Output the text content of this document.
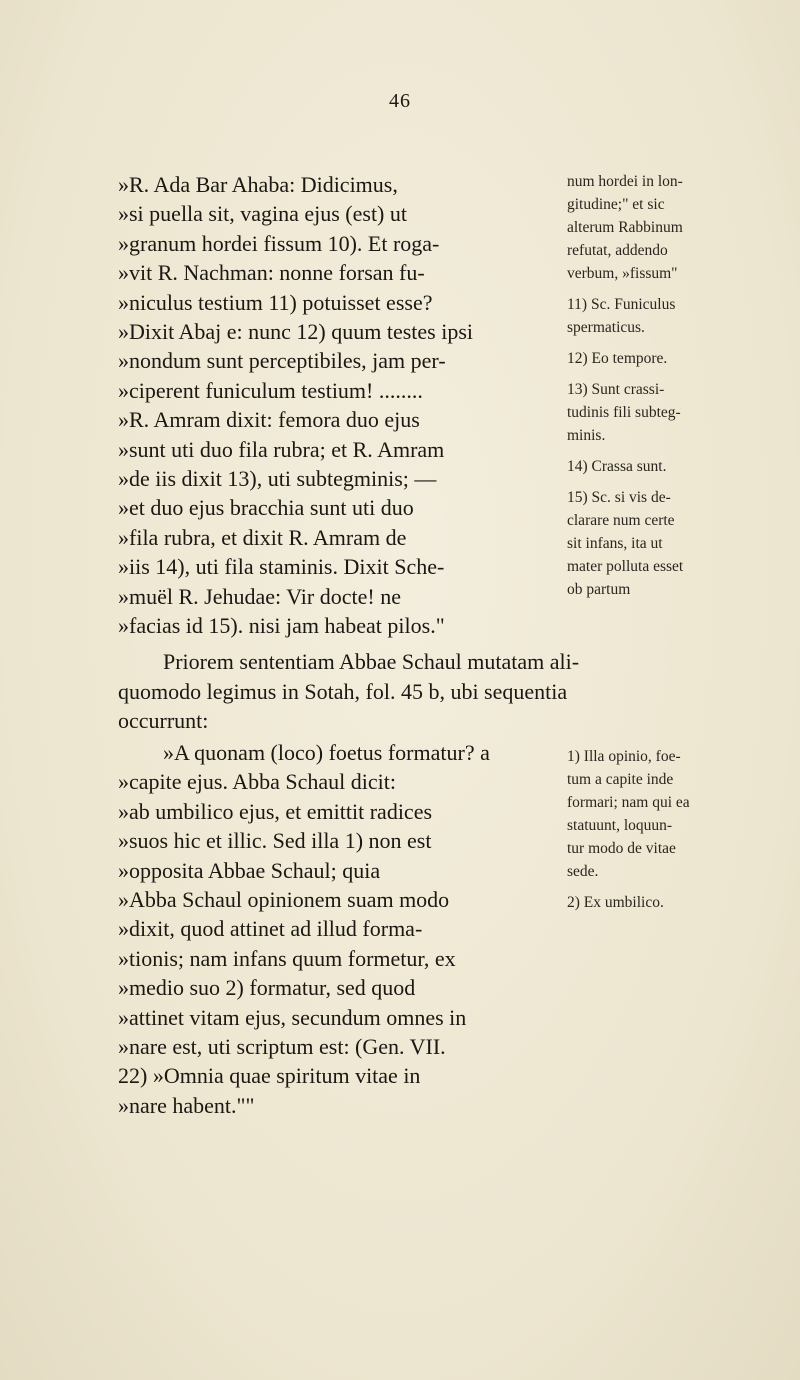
46
»R. Ada Bar Ahaba: Didicimus,
»si puella sit, vagina ejus (est) ut
»granum hordei fissum 10). Et roga-
»vit R. Nachman: nonne forsan fu-
»niculus testium 11) potuisset esse?
»Dixit Abaj e: nunc 12) quum testes ipsi
»nondum sunt perceptibiles, jam per-
»ciperent funiculum testium! ........
»R. Amram dixit: femora duo ejus
»sunt uti duo fila rubra; et R. Amram
»de iis dixit 13), uti subtegminis; —
»et duo ejus bracchia sunt uti duo
»fila rubra, et dixit R. Amram de
»iis 14), uti fila staminis. Dixit Sche-
»muël R. Jehudae: Vir docte! ne
»facias id 15). nisi jam habeat pilos."
num hordei in lon-
gitudine;" et sic
alterum Rabbinum
refutat, addendo
verbum, »fissum"
11) Sc. Funiculus
spermaticus.
12) Eo tempore.
13) Sunt crassi-
tudinis fili subteg-
minis.
14) Crassa sunt.
15) Sc. si vis de-
clarare num certe
sit infans, ita ut
mater polluta esset
ob partum
Priorem sententiam Abbae Schaul mutatam ali-
quomodo legimus in Sotah, fol. 45 b, ubi sequentia
occurrunt:
»A quonam (loco) foetus formatur? a
»capite ejus. Abba Schaul dicit:
»ab umbilico ejus, et emittit radices
»suos hic et illic. Sed illa 1) non est
»opposita Abbae Schaul; quia
»Abba Schaul opinionem suam modo
»dixit, quod attinet ad illud forma-
»tionis; nam infans quum formetur, ex
»medio suo 2) formatur, sed quod
»attinet vitam ejus, secundum omnes in
»nare est, uti scriptum est: (Gen. VII.
22) »Omnia quae spiritum vitae in
»nare habent.""
1) Illa opinio, foe-
tum a capite inde
formari; nam qui ea
statuunt, loquun-
tur modo de vitae
sede.
2) Ex umbilico.
